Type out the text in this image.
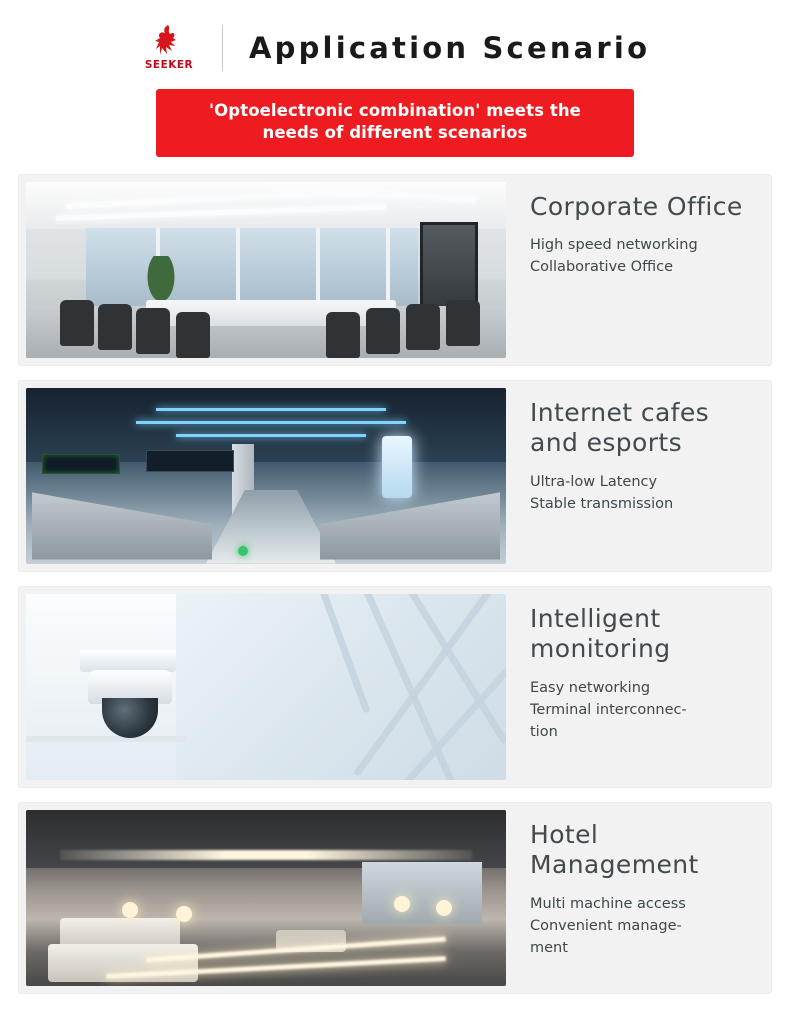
SEEKER
Application Scenario
'Optoelectronic combination' meets the
needs of different scenarios
Corporate Office
High speed networking
Collaborative Office
Internet cafes and esports
Ultra-low Latency
Stable transmission
Intelligent monitoring
Easy networking
Terminal interconnec-
tion
Hotel Management
Multi machine access
Convenient manage-
ment
